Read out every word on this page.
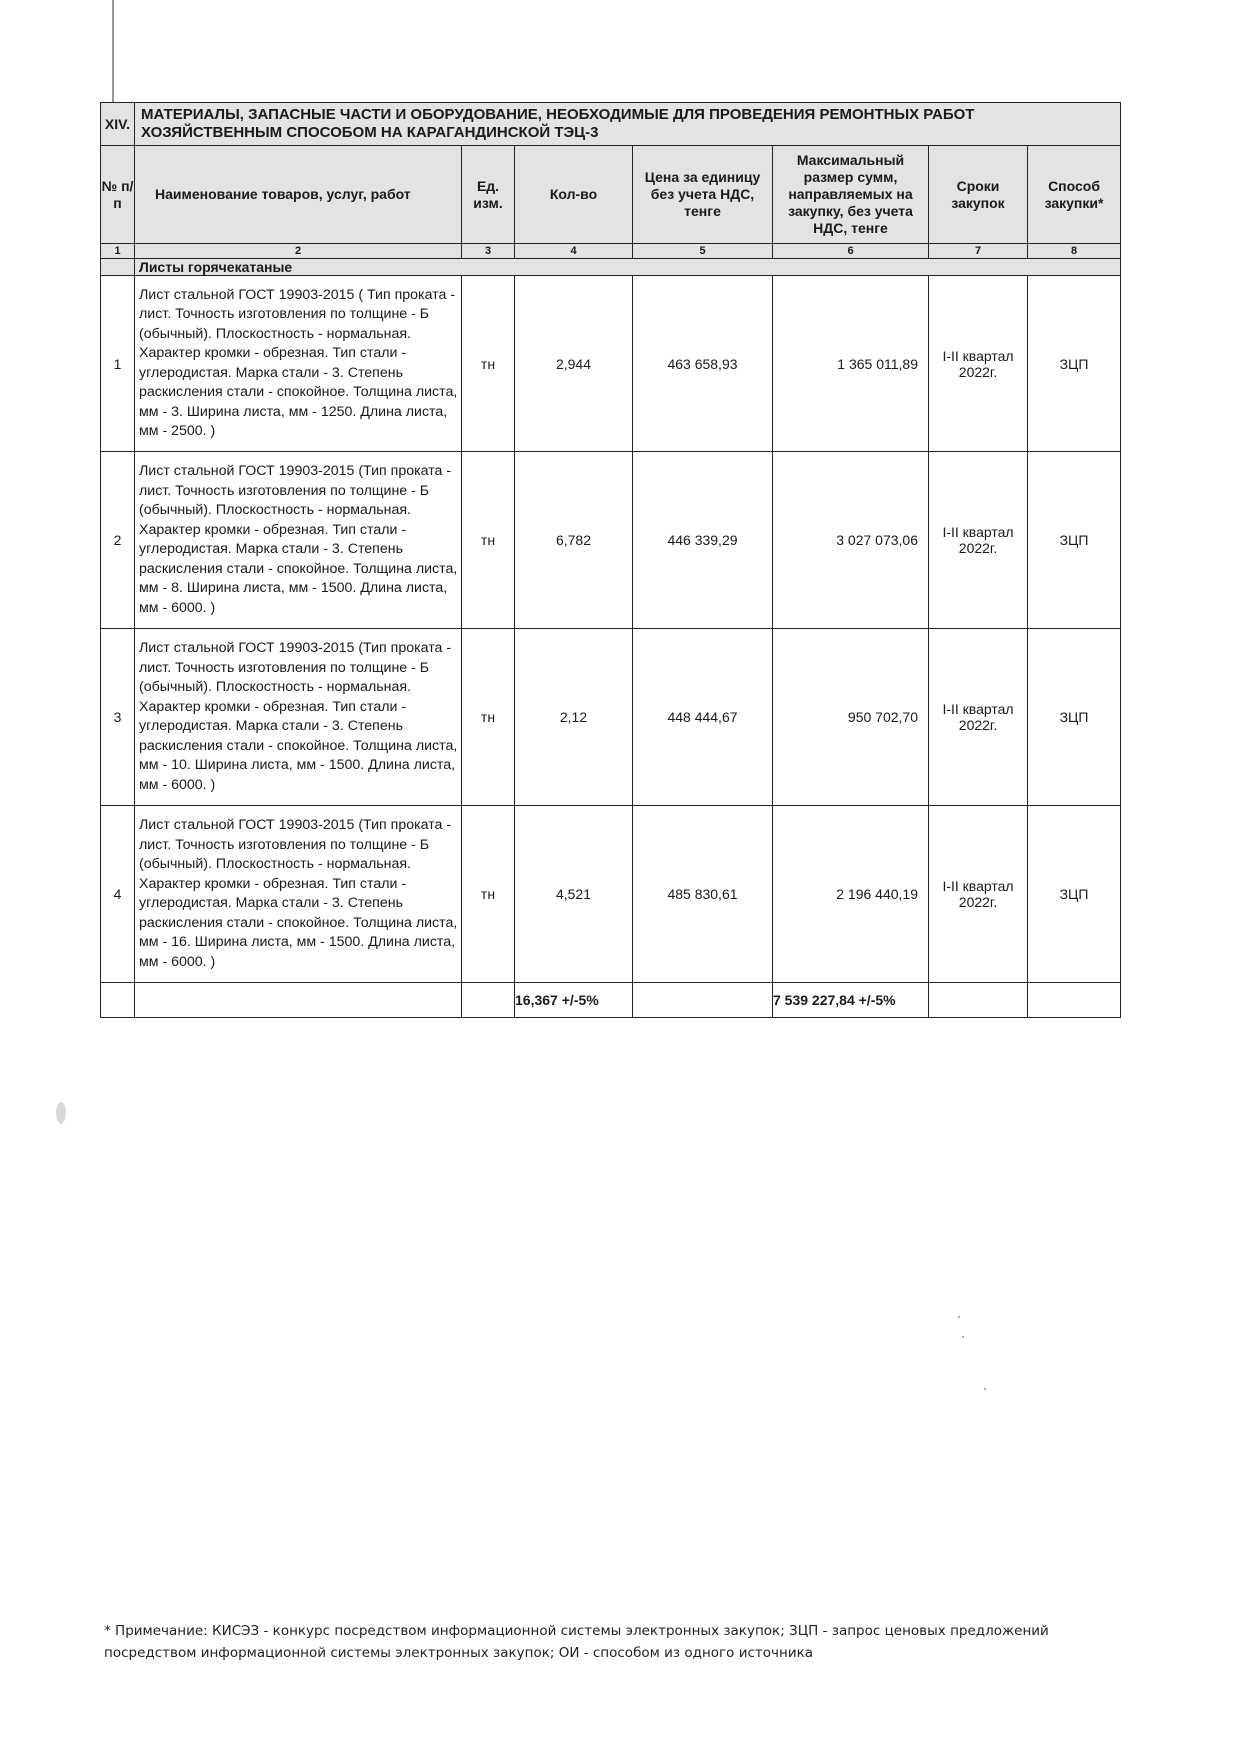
XIV.	МАТЕРИАЛЫ, ЗАПАСНЫЕ ЧАСТИ И ОБОРУДОВАНИЕ, НЕОБХОДИМЫЕ ДЛЯ ПРОВЕДЕНИЯ РЕМОНТНЫХ РАБОТ ХОЗЯЙСТВЕННЫМ СПОСОБОМ НА КАРАГАНДИНСКОЙ ТЭЦ-3						
№ п/п	Наименование товаров, услуг, работ	Ед. изм.	Кол-во	Цена за единицу без учета НДС, тенге	Максимальный размер сумм, направляемых на закупку, без учета НДС, тенге	Сроки закупок	Способ закупки*
1	2	3	4	5	6	7	8
	Листы горячекатаные						
1	Лист стальной ГОСТ 19903-2015 ( Тип проката - лист. Точность изготовления по толщине - Б (обычный). Плоскостность - нормальная. Характер кромки - обрезная. Тип стали - углеродистая. Марка стали - 3. Степень раскисления стали - спокойное. Толщина листа, мм - 3. Ширина листа, мм - 1250. Длина листа, мм - 2500. )	тн	2,944	463 658,93	1 365 011,89	I-II квартал 2022г.	ЗЦП
2	Лист стальной ГОСТ 19903-2015 (Тип проката - лист. Точность изготовления по толщине - Б (обычный). Плоскостность - нормальная. Характер кромки - обрезная. Тип стали - углеродистая. Марка стали - 3. Степень раскисления стали - спокойное. Толщина листа, мм - 8. Ширина листа, мм - 1500. Длина листа, мм - 6000. )	тн	6,782	446 339,29	3 027 073,06	I-II квартал 2022г.	ЗЦП
3	Лист стальной ГОСТ 19903-2015 (Тип проката - лист. Точность изготовления по толщине - Б (обычный). Плоскостность - нормальная. Характер кромки - обрезная. Тип стали - углеродистая. Марка стали - 3. Степень раскисления стали - спокойное. Толщина листа, мм - 10. Ширина листа, мм - 1500. Длина листа, мм - 6000. )	тн	2,12	448 444,67	950 702,70	I-II квартал 2022г.	ЗЦП
4	Лист стальной ГОСТ 19903-2015 (Тип проката - лист. Точность изготовления по толщине - Б (обычный). Плоскостность - нормальная. Характер кромки - обрезная. Тип стали - углеродистая. Марка стали - 3. Степень раскисления стали - спокойное. Толщина листа, мм - 16. Ширина листа, мм - 1500. Длина листа, мм - 6000. )	тн	4,521	485 830,61	2 196 440,19	I-II квартал 2022г.	ЗЦП
			16,367 +/-5%		7 539 227,84 +/-5%		
* Примечание: КИСЭЗ - конкурс посредством информационной системы электронных закупок; ЗЦП - запрос ценовых предложений посредством информационной системы электронных закупок; ОИ - способом из одного источника
